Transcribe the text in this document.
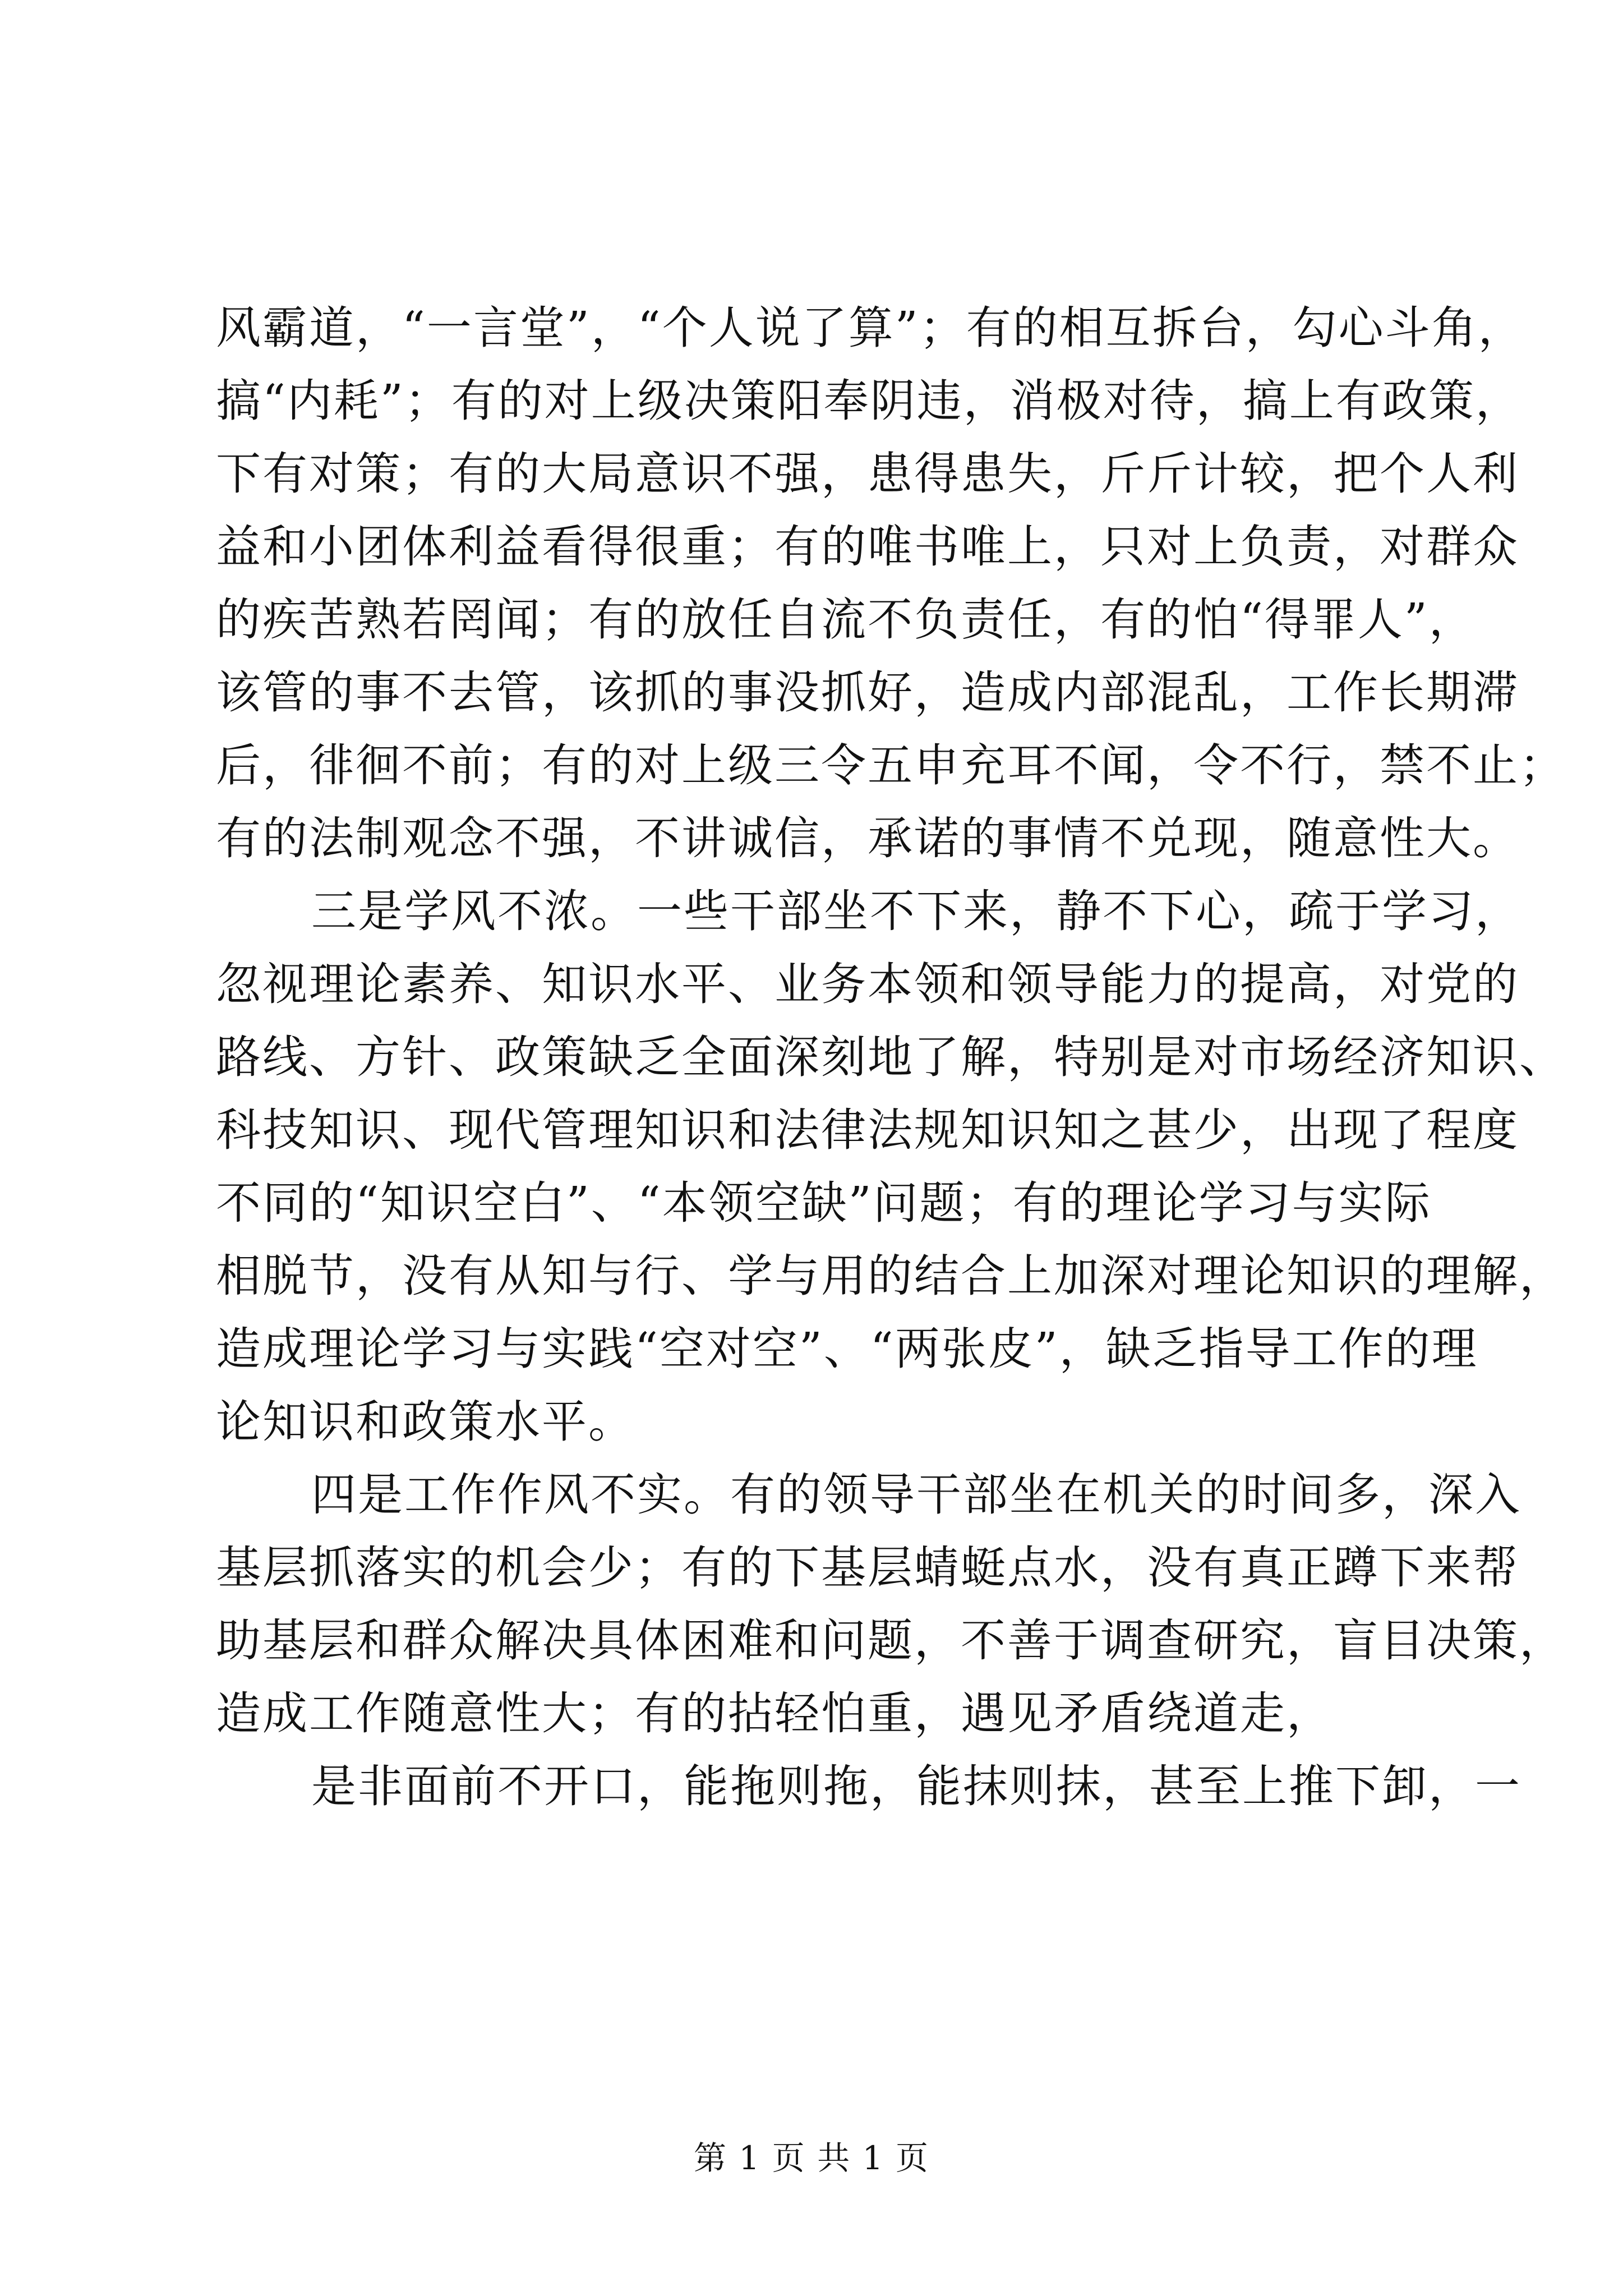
风霸道，“一言堂”，“个人说了算”；有的相互拆台，勾心斗角，
搞“内耗”；有的对上级决策阳奉阴违，消极对待，搞上有政策，
下有对策；有的大局意识不强，患得患失，斤斤计较，把个人利
益和小团体利益看得很重；有的唯书唯上，只对上负责，对群众
的疾苦熟若罔闻；有的放任自流不负责任，有的怕“得罪人”，
该管的事不去管，该抓的事没抓好，造成内部混乱，工作长期滞
后，徘徊不前；有的对上级三令五申充耳不闻，令不行，禁不止；
有的法制观念不强，不讲诚信，承诺的事情不兑现，随意性大。
三是学风不浓。一些干部坐不下来，静不下心，疏于学习，
忽视理论素养、知识水平、业务本领和领导能力的提高，对党的
路线、方针、政策缺乏全面深刻地了解，特别是对市场经济知识、
科技知识、现代管理知识和法律法规知识知之甚少，出现了程度
不同的“知识空白”、“本领空缺”问题；有的理论学习与实际
相脱节，没有从知与行、学与用的结合上加深对理论知识的理解，
造成理论学习与实践“空对空”、“两张皮”，缺乏指导工作的理
论知识和政策水平。
四是工作作风不实。有的领导干部坐在机关的时间多，深入
基层抓落实的机会少；有的下基层蜻蜓点水，没有真正蹲下来帮
助基层和群众解决具体困难和问题，不善于调查研究，盲目决策，
造成工作随意性大；有的拈轻怕重，遇见矛盾绕道走，
是非面前不开口，能拖则拖，能抹则抹，甚至上推下卸，一
第 1 页 共 1 页
